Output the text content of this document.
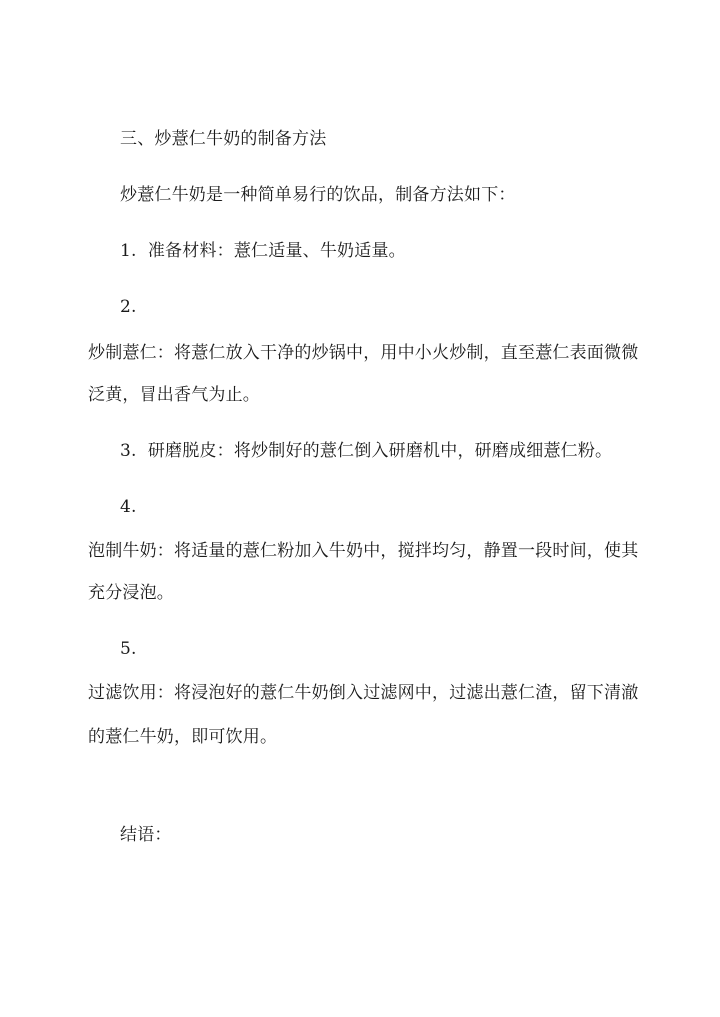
三、炒薏仁牛奶的制备方法
炒薏仁牛奶是一种简单易行的饮品，制备方法如下：
1. 准备材料：薏仁适量、牛奶适量。
2.
炒制薏仁：将薏仁放入干净的炒锅中，用中小火炒制，直至薏仁表面微微
泛黄，冒出香气为止。
3. 研磨脱皮：将炒制好的薏仁倒入研磨机中，研磨成细薏仁粉。
4.
泡制牛奶：将适量的薏仁粉加入牛奶中，搅拌均匀，静置一段时间，使其
充分浸泡。
5.
过滤饮用：将浸泡好的薏仁牛奶倒入过滤网中，过滤出薏仁渣，留下清澈
的薏仁牛奶，即可饮用。
结语：
